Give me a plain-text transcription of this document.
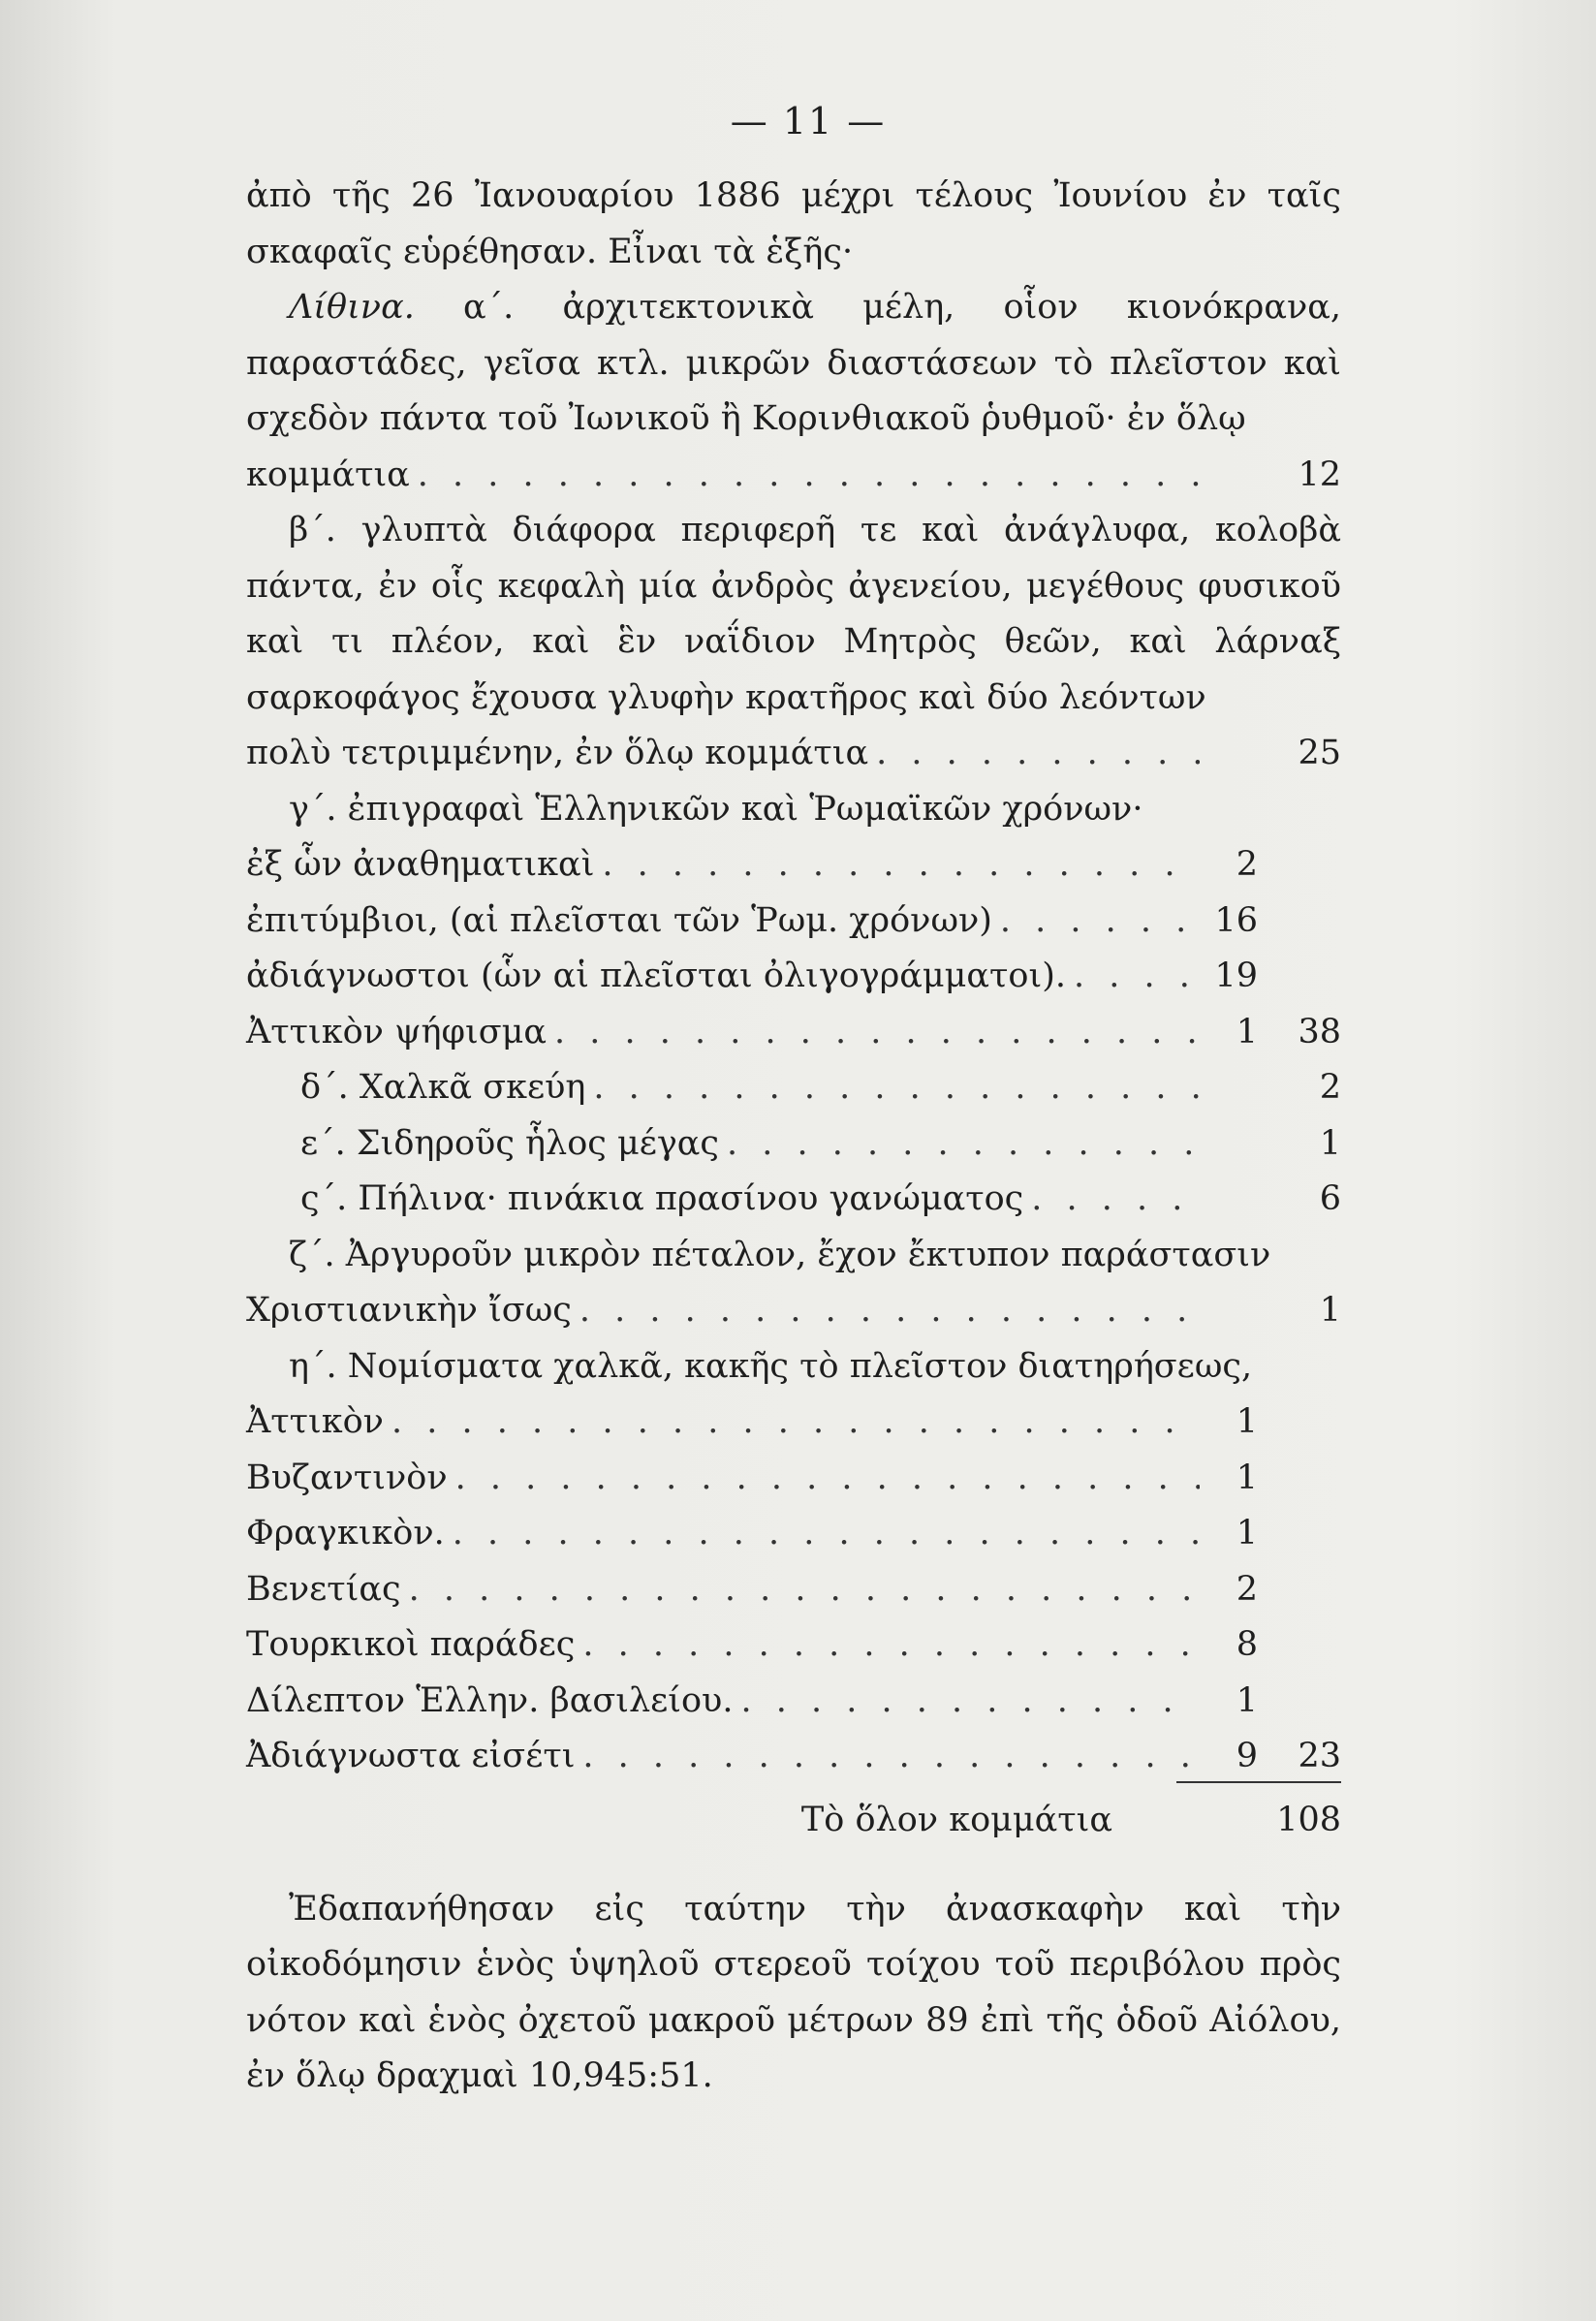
— 11 —

ἀπὸ τῆς 26 Ἰανουαρίου 1886 μέχρι τέλους Ἰουνίου ἐν ταῖς σκαφαῖς εὑρέθησαν. Εἶναι τὰ ἑξῆς·

Λίθινα. α΄. ἀρχιτεκτονικὰ μέλη, οἷον κιονόκρανα, παραστάδες, γεῖσα κτλ. μικρῶν διαστάσεων τὸ πλεῖστον καὶ σχεδὸν πάντα τοῦ Ἰωνικοῦ ἢ Κορινθιακοῦ ῥυθμοῦ· ἐν ὅλῳ

κομμάτια . . .	12

β΄. γλυπτὰ διάφορα περιφερῆ τε καὶ ἀνάγλυφα, κολοβὰ πάντα, ἐν οἷς κεφαλὴ μία ἀνδρὸς ἀγενείου, μεγέθους φυσικοῦ καὶ τι πλέον, καὶ ἓν ναΐδιον Μητρὸς θεῶν, καὶ λάρναξ σαρκοφάγος ἔχουσα γλυφὴν κρατῆρος καὶ δύο λεόντων

πολὺ τετριμμένην, ἐν ὅλῳ κομμάτια . . .	25

γ΄. ἐπιγραφαὶ Ἑλληνικῶν καὶ Ῥωμαϊκῶν χρόνων·

ἐξ ὧν ἀναθηματικαὶ . . .	2
ἐπιτύμβιοι, (αἱ πλεῖσται τῶν Ῥωμ. χρόνων) . . .	16
ἀδιάγνωστοι (ὧν αἱ πλεῖσται ὀλιγογράμματοι). . . .	19
Ἀττικὸν ψήφισμα . . .	1	38
δ΄. Χαλκᾶ σκεύη . . .	2
ε΄. Σιδηροῦς ἧλος μέγας . . .	1
ς΄. Πήλινα· πινάκια πρασίνου γανώματος . . .	6

ζ΄. Ἀργυροῦν μικρὸν πέταλον, ἔχον ἔκτυπον παράστασιν

Χριστιανικὴν ἴσως . . .	1

η΄. Νομίσματα χαλκᾶ, κακῆς τὸ πλεῖστον διατηρήσεως,

Ἀττικὸν . . .	1
Βυζαντινὸν . . .	1
Φραγκικὸν. . . .	1
Βενετίας . . .	2
Τουρκικοὶ παράδες . . .	8
Δίλεπτον Ἑλλην. βασιλείου. . . .	1
Ἀδιάγνωστα εἰσέτι . . .	9	23
Τὸ ὅλον κομμάτια	108

Ἐδαπανήθησαν εἰς ταύτην τὴν ἀνασκαφὴν καὶ τὴν οἰκοδόμησιν ἑνὸς ὑψηλοῦ στερεοῦ τοίχου τοῦ περιβόλου πρὸς νότον καὶ ἑνὸς ὀχετοῦ μακροῦ μέτρων 89 ἐπὶ τῆς ὁδοῦ Αἰόλου, ἐν ὅλῳ δραχμαὶ 10,945:51.
